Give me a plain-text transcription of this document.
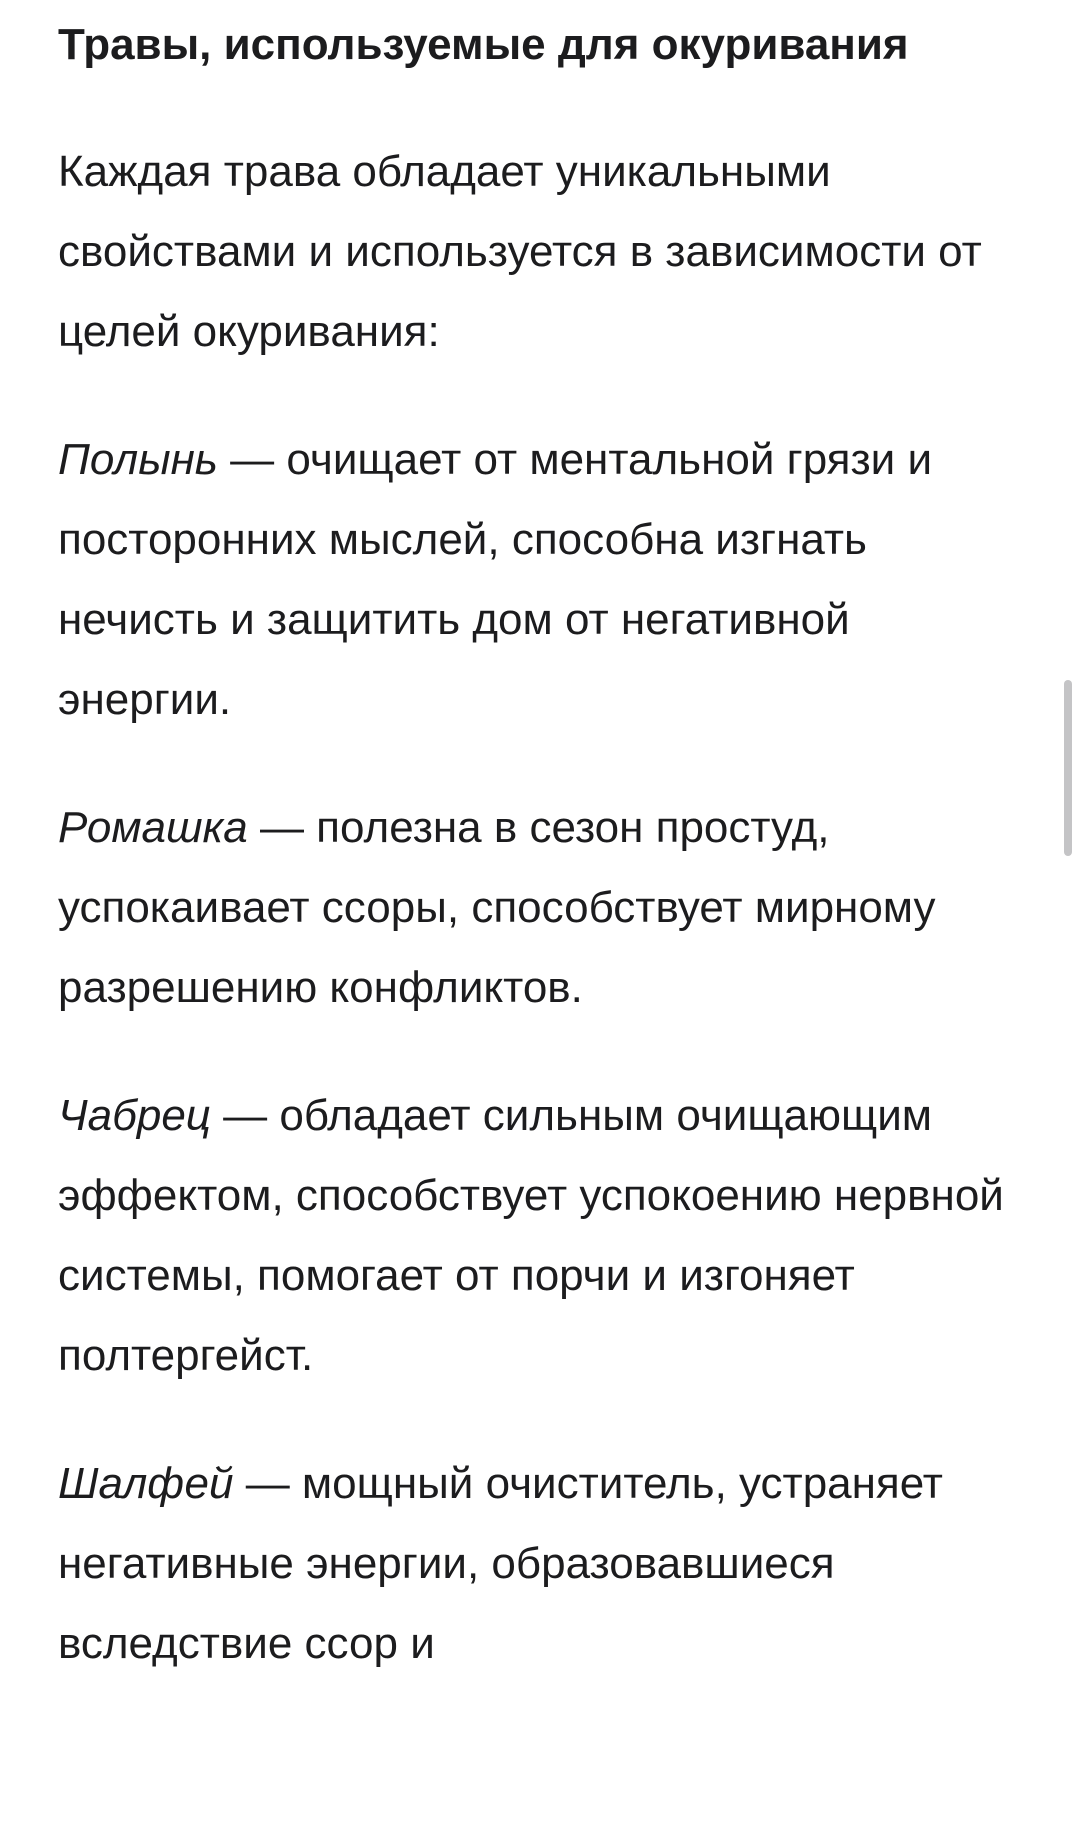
Травы, используемые для окуривания

Каждая трава обладает уникальными свойствами и используется в зависимости от целей окуривания:

Полынь — очищает от ментальной грязи и посторонних мыслей, способна изгнать нечисть и защитить дом от негативной энергии.

Ромашка — полезна в сезон простуд, успокаивает ссоры, способствует мирному разрешению конфликтов.

Чабрец — обладает сильным очищающим эффектом, способствует успокоению нервной системы, помогает от порчи и изгоняет полтергейст.

Шалфей — мощный очиститель, устраняет негативные энергии, образовавшиеся вследствие ссор и
